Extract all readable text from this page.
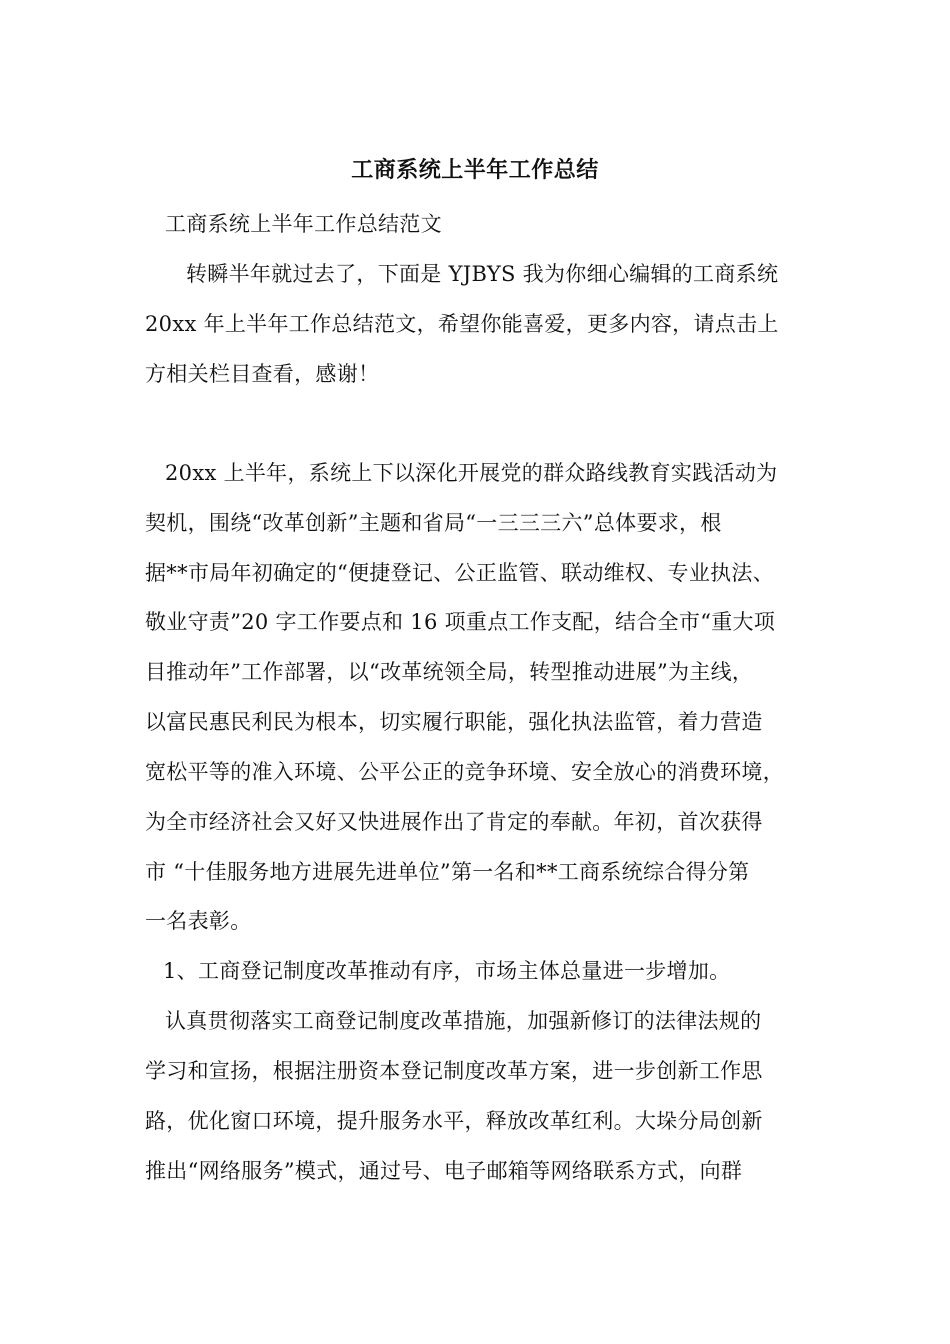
工商系统上半年工作总结
工商系统上半年工作总结范文
转瞬半年就过去了，下面是 YJBYS 我为你细心编辑的工商系统
20xx 年上半年工作总结范文，希望你能喜爱，更多内容，请点击上
方相关栏目查看，感谢！
20xx 上半年，系统上下以深化开展党的群众路线教育实践活动为
契机，围绕“改革创新”主题和省局“一三三三六”总体要求，根
据**市局年初确定的“便捷登记、公正监管、联动维权、专业执法、
敬业守责”20 字工作要点和 16 项重点工作支配，结合全市“重大项
目推动年”工作部署，以“改革统领全局，转型推动进展”为主线，
以富民惠民利民为根本，切实履行职能，强化执法监管，着力营造
宽松平等的准入环境、公平公正的竞争环境、安全放心的消费环境，
为全市经济社会又好又快进展作出了肯定的奉献。年初，首次获得
市 “十佳服务地方进展先进单位”第一名和**工商系统综合得分第
一名表彰。
1、工商登记制度改革推动有序，市场主体总量进一步增加。
认真贯彻落实工商登记制度改革措施，加强新修订的法律法规的
学习和宣扬，根据注册资本登记制度改革方案，进一步创新工作思
路，优化窗口环境，提升服务水平，释放改革红利。大垛分局创新
推出“网络服务”模式，通过号、电子邮箱等网络联系方式，向群
